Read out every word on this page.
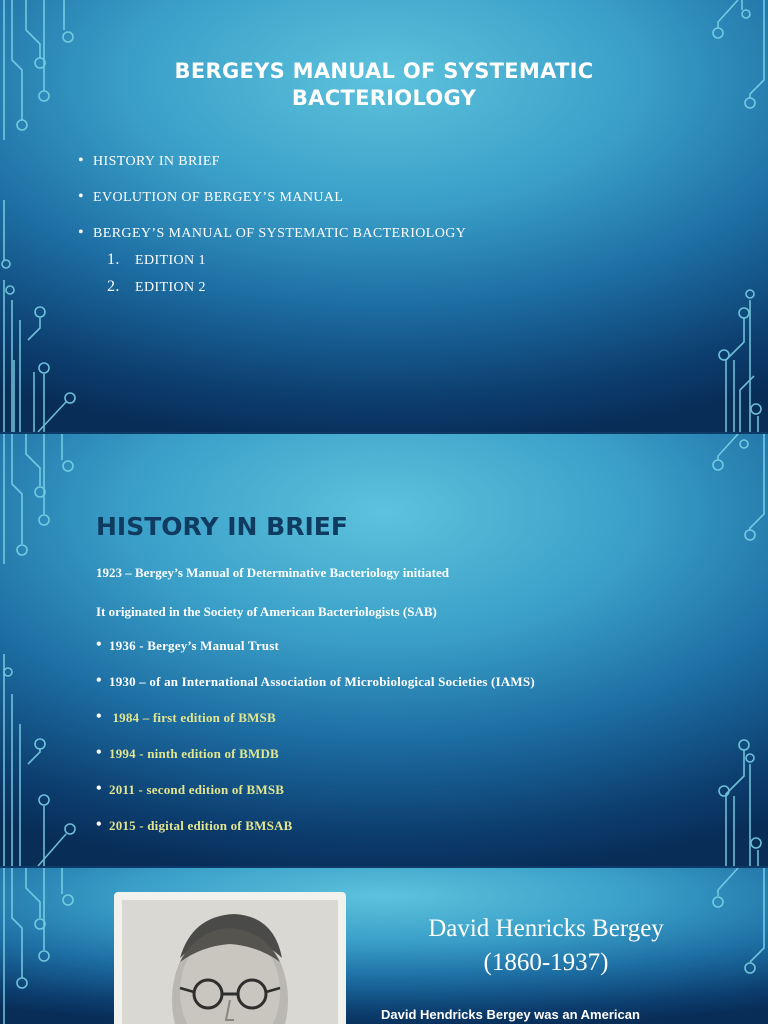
BERGEYS MANUAL OF SYSTEMATIC BACTERIOLOGY
• HISTORY IN BRIEF
• EVOLUTION OF BERGEY’S MANUAL
• BERGEY’S MANUAL OF SYSTEMATIC BACTERIOLOGY
1. EDITION 1
2. EDITION 2
HISTORY IN BRIEF
1923 – Bergey’s Manual of Determinative Bacteriology initiated
It originated in the Society of American Bacteriologists (SAB)
• 1936 - Bergey’s Manual Trust
• 1930 – of an International Association of Microbiological Societies (IAMS)
•  1984 – first edition of BMSB
• 1994 - ninth edition of BMDB
• 2011 - second edition of BMSB
• 2015 - digital edition of BMSAB
David Henricks Bergey
(1860-1937)
David Hendricks Bergey was an American
